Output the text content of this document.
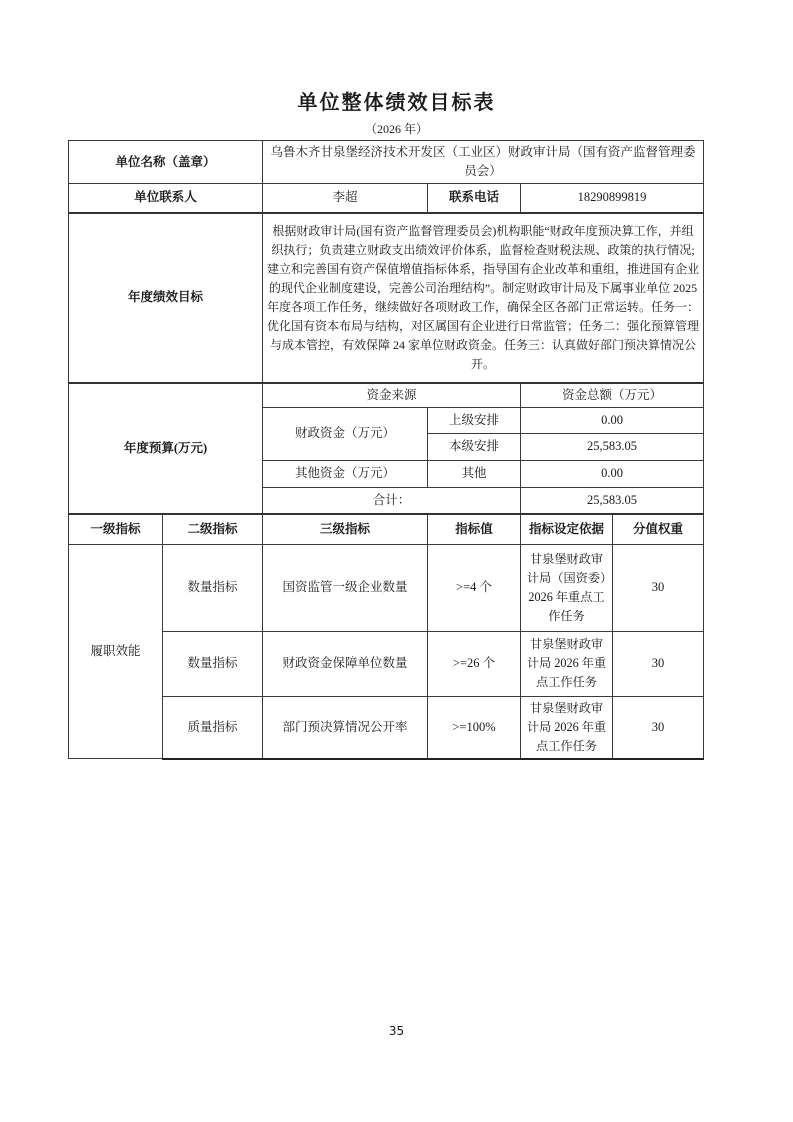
单位整体绩效目标表
（2026 年）
单位名称（盖章）		乌鲁木齐甘泉堡经济技术开发区（工业区）财政审计局（国有资产监督管理委员会）			
单位联系人		李超	联系电话	18290899819	
年度绩效目标		根据财政审计局(国有资产监督管理委员会)机构职能“财政年度预决算工作，并组织执行；负责建立财政支出绩效评价体系，监督检查财税法规、政策的执行情况;建立和完善国有资产保值增值指标体系，指导国有企业改革和重组，推进国有企业的现代企业制度建设，完善公司治理结构”。制定财政审计局及下属事业单位 2025 年度各项工作任务，继续做好各项财政工作，确保全区各部门正常运转。任务一：优化国有资本布局与结构，对区属国有企业进行日常监管；任务二：强化预算管理与成本管控，有效保障 24 家单位财政资金。任务三：认真做好部门预决算情况公开。			
年度预算(万元)		资金来源		资金总额（万元）	
		财政资金（万元）	上级安排	0.00	
			本级安排	25,583.05	
		其他资金（万元）	其他	0.00	
		合计：		25,583.05	
一级指标	二级指标	三级指标	指标值	指标设定依据	分值权重
履职效能	数量指标	国资监管一级企业数量	>=4 个	甘泉堡财政审计局（国资委）2026 年重点工作任务	30
	数量指标	财政资金保障单位数量	>=26 个	甘泉堡财政审计局 2026 年重点工作任务	30
	质量指标	部门预决算情况公开率	>=100%	甘泉堡财政审计局 2026 年重点工作任务	30
35
